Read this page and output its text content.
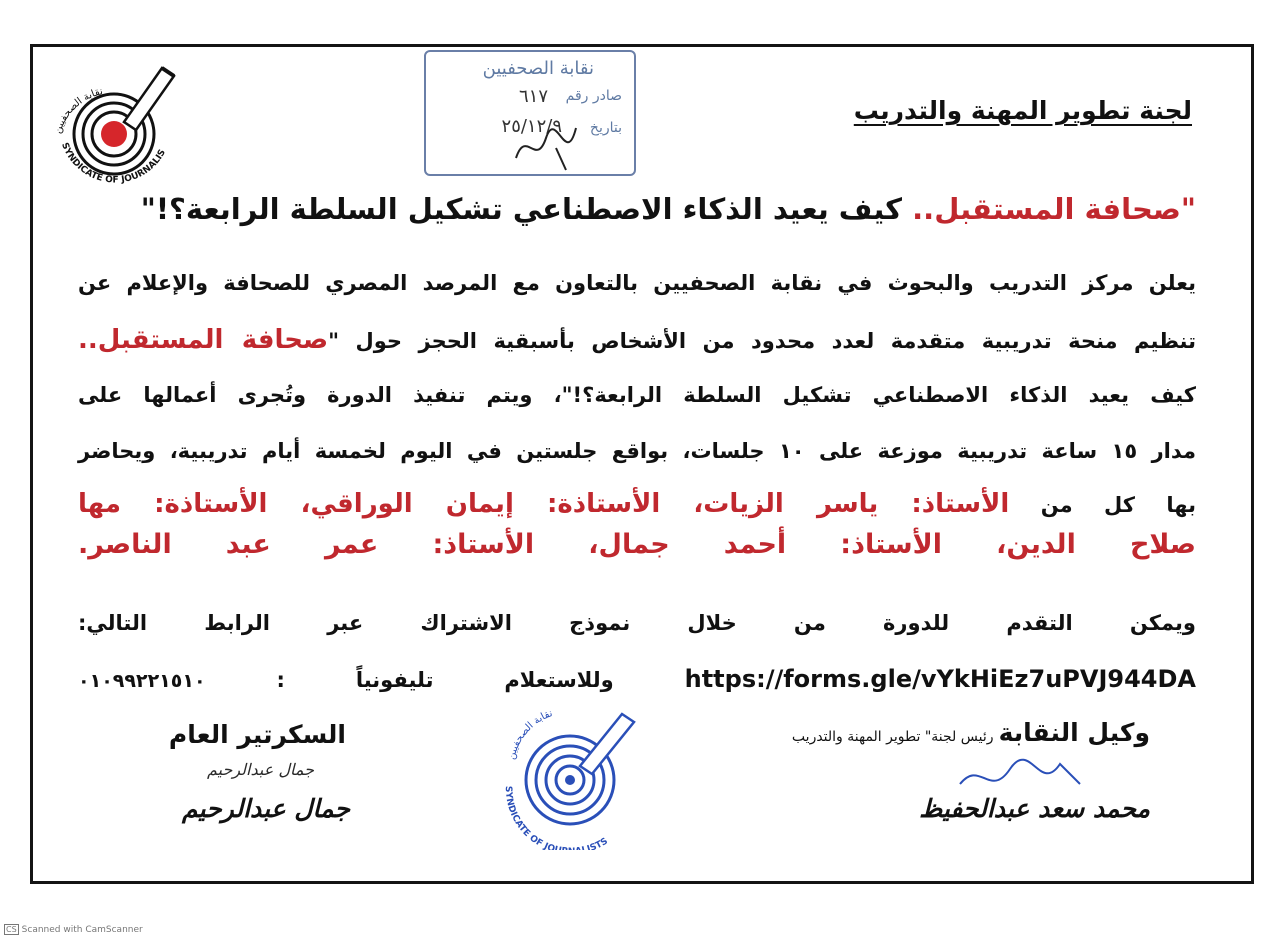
SYNDICATE OF JOURNALIS
نقابة الصحفيين
نقابة الصحفيين
صادر رقم
٦١٧
بتاريخ
٢٥/١٢/٩
لجنة تطوير المهنة والتدريب
"صحافة المستقبل.. كيف يعيد الذكاء الاصطناعي تشكيل السلطة الرابعة؟!"
يعلن مركز التدريب والبحوث في نقابة الصحفيين بالتعاون مع المرصد المصري للصحافة والإعلام عن
تنظيم منحة تدريبية متقدمة لعدد محدود من الأشخاص بأسبقية الحجز حول "صحافة المستقبل..
كيف يعيد الذكاء الاصطناعي تشكيل السلطة الرابعة؟!"، ويتم تنفيذ الدورة وتُجرى أعمالها على
مدار ١٥ ساعة تدريبية موزعة على ١٠ جلسات، بواقع جلستين في اليوم لخمسة أيام تدريبية، ويحاضر
بها كل من الأستاذ: ياسر الزيات، الأستاذة: إيمان الوراقي، الأستاذة: مها
صلاح الدين، الأستاذ: أحمد جمال، الأستاذ: عمر عبد الناصر.
ويمكن التقدم للدورة من خلال نموذج الاشتراك عبر الرابط التالي:
https://forms.gle/vYkHiEz7uPVJ944DA وللاستعلام تليفونياً : ٠١٠٩٩٢٢١٥١٠
وكيل النقابة رئيس لجنة" تطوير المهنة والتدريب
محمد سعد عبدالحفيظ
SYNDICATE OF JO ISTS
نقابة الصحفيين
السكرتير العام
جمال عبدالرحيم
جمال عبدالرحيم
CS Scanned with CamScanner
